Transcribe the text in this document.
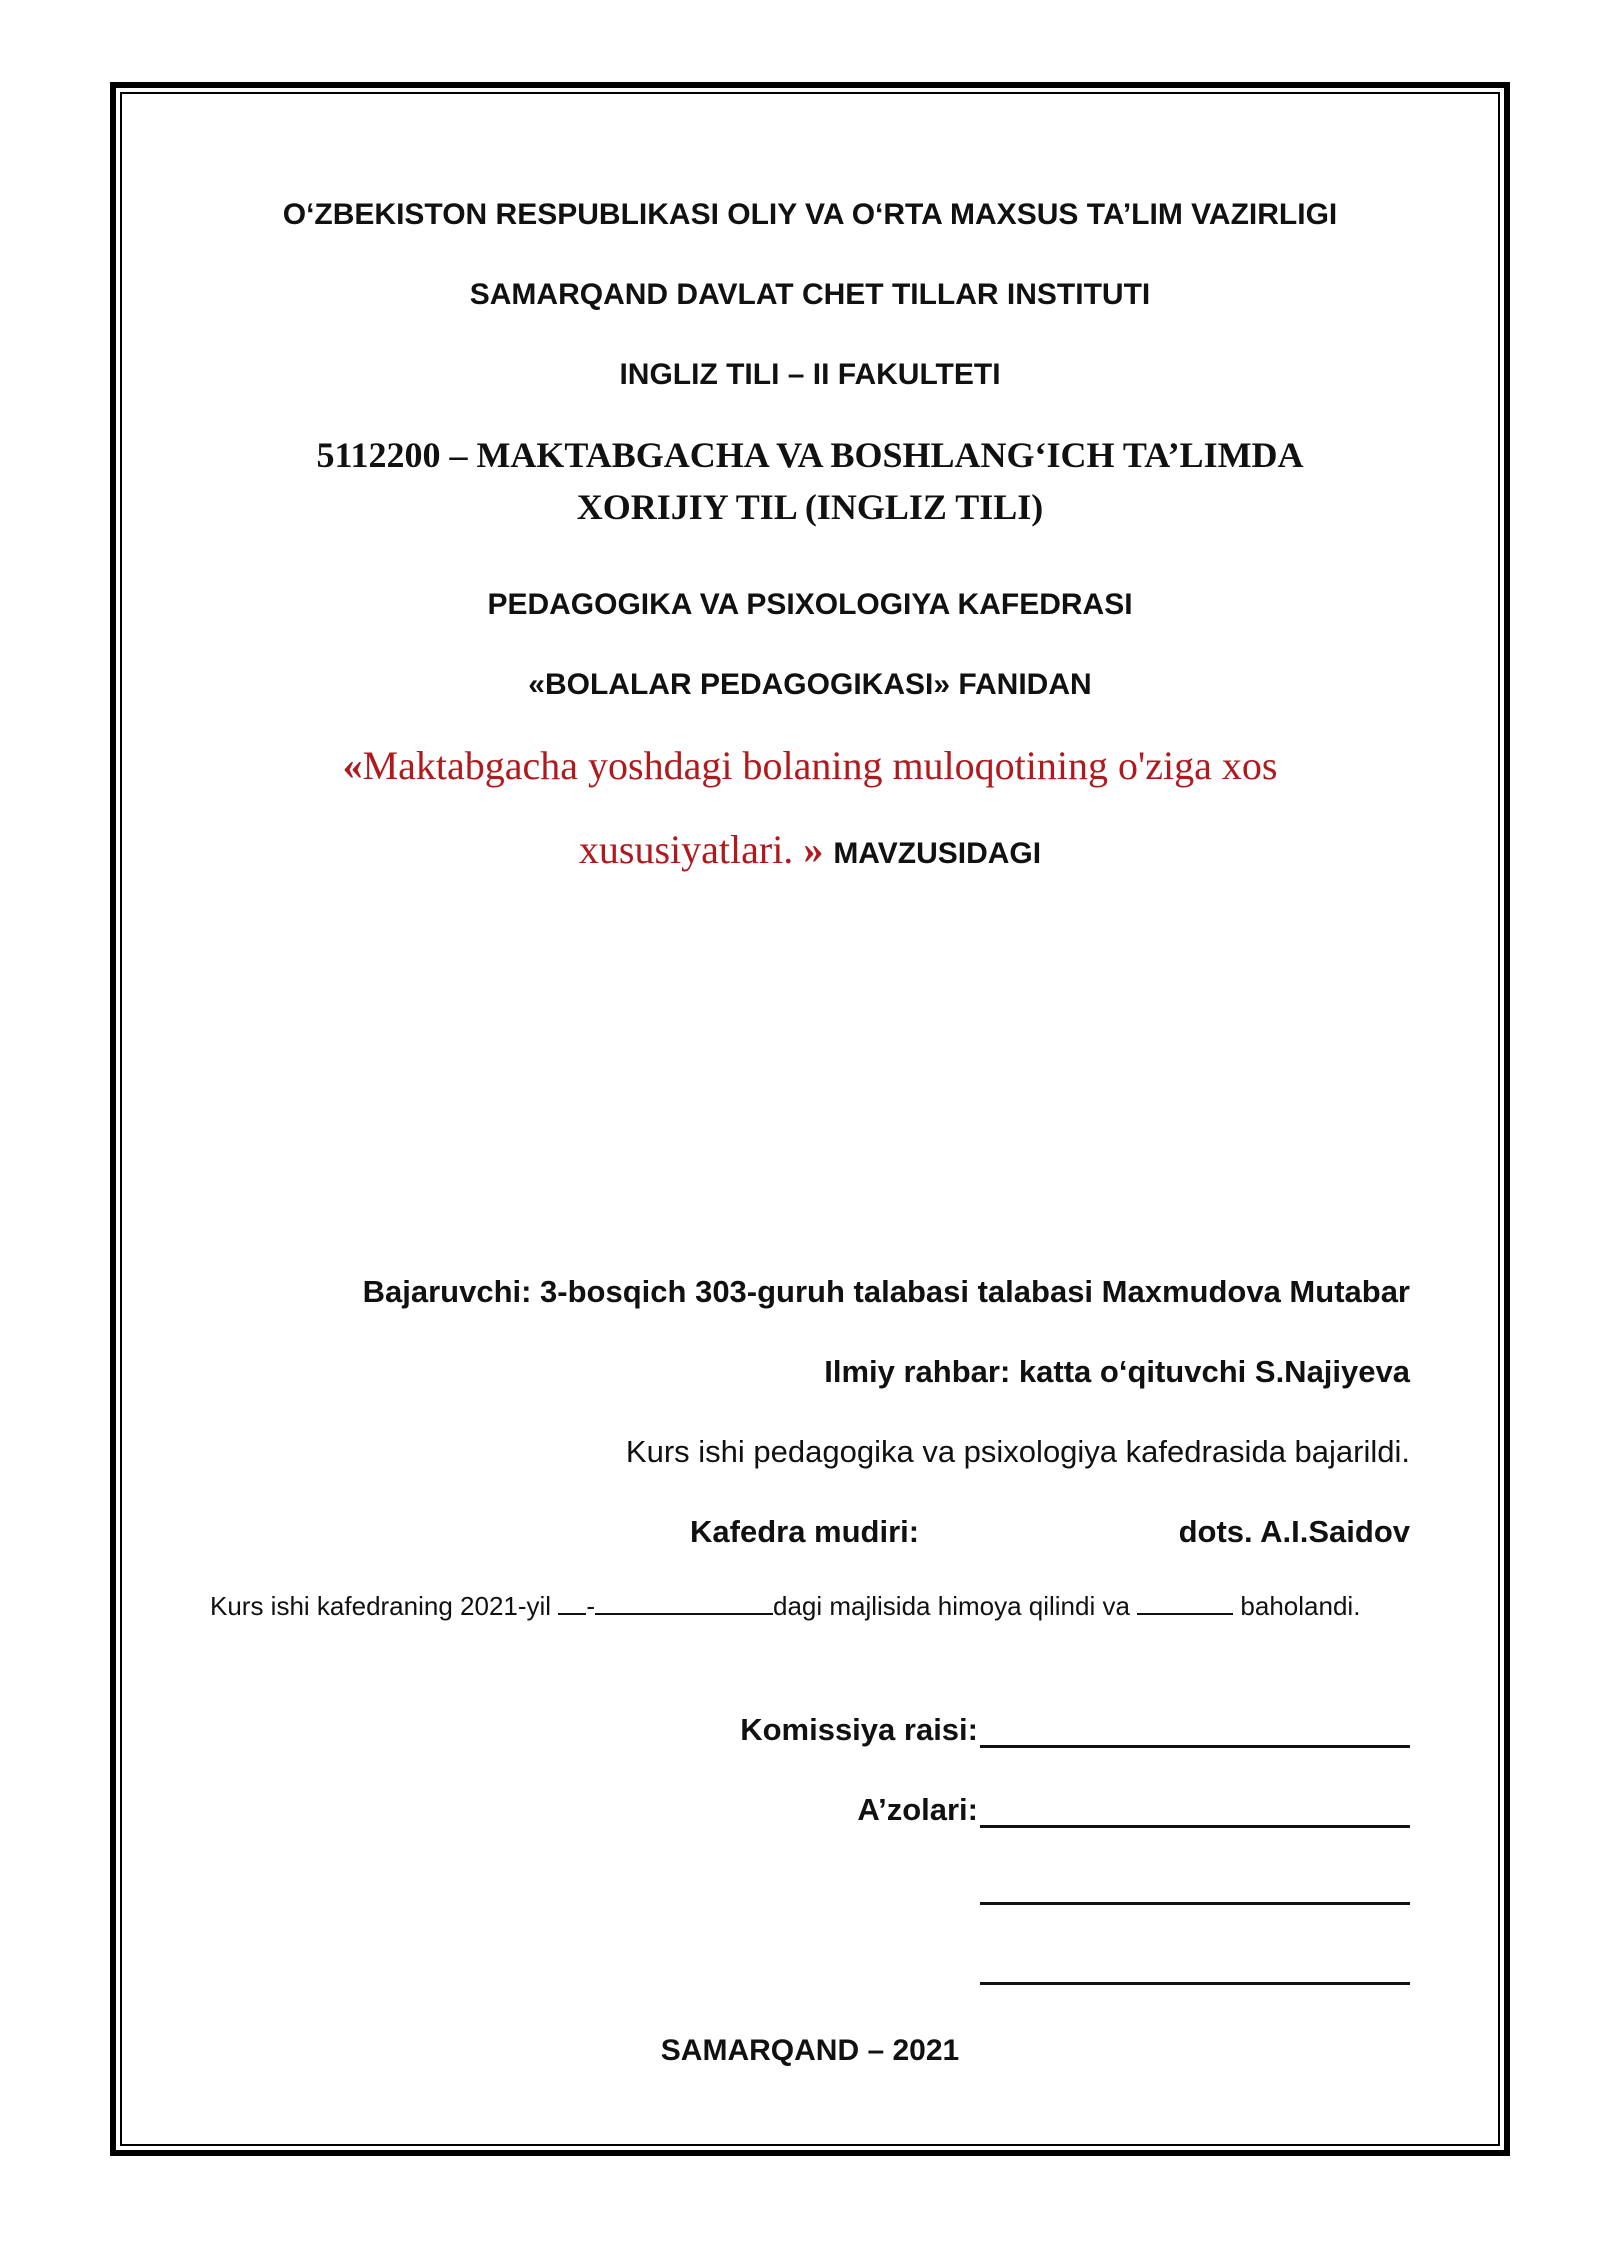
O‘ZBEKISTON RESPUBLIKASI OLIY VA O‘RTA MAXSUS TA’LIM VAZIRLIGI
SAMARQAND DAVLAT CHET TILLAR INSTITUTI
INGLIZ TILI – II FAKULTETI
5112200 – MAKTABGACHA VA BOSHLANG‘ICH TA’LIMDA
XORIJIY TIL (INGLIZ TILI)
PEDAGOGIKA VA PSIXOLOGIYA KAFEDRASI
«BOLALAR PEDAGOGIKASI» FANIDAN
«Maktabgacha yoshdagi bolaning muloqotining o'ziga xos
xususiyatlari. » MAVZUSIDAGI
Bajaruvchi: 3-bosqich 303-guruh talabasi talabasi Maxmudova Mutabar
Ilmiy rahbar: katta o‘qituvchi S.Najiyeva
Kurs ishi pedagogika va psixologiya kafedrasida bajarildi.
Kafedra mudiri:	dots. A.I.Saidov
Kurs ishi kafedraning 2021-yil -	dagi majlisida himoya qilindi va	baholandi.
Komissiya raisi:
A’zolari:
SAMARQAND – 2021
